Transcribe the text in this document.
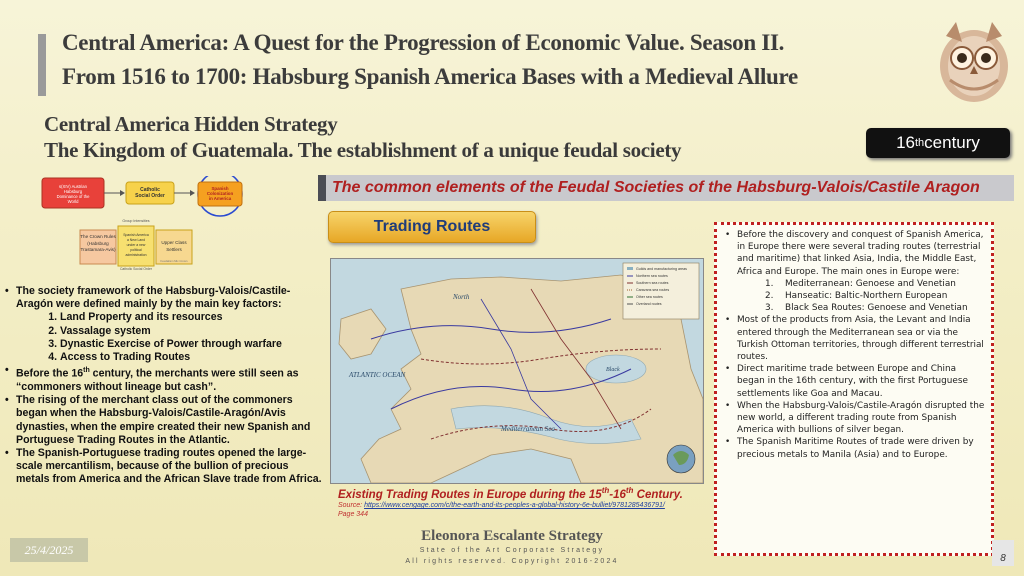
Central America: A Quest for the Progression of Economic Value. Season II.
From 1516 to 1700: Habsburg Spanish America Bases with a Medieval Allure
Central America Hidden Strategy
The Kingdom of Guatemala. The establishment of a unique feudal society	16 th century
The common elements of the Feudal Societies of the Habsburg-Valois/Castile Aragon
Trading Routes
s(XIV) Austrian Habsburg Dominance of the World
Catholic Social Order
Spanish Colonization in America
Group Intensities
The Crown Rules (Habsburg Trastamara-Avis)
Spanish America a New Land under a new political administration
Upper Class Settlers
Feudalism Mix Crown
Catholic Social Order
• The society framework of the Habsburg-Valois/Castile-Aragón were defined mainly by the main key factors:
1. Land Property and its resources
2. Vassalage system
3. Dynastic Exercise of Power through warfare
4. Access to Trading Routes
• Before the 16th century, the merchants were still seen as “commoners without lineage but cash”.
• The rising of the merchant class out of the commoners began when the Habsburg-Valois/Castile-Aragón/Avis dynasties, when the empire created their new Spanish and Portuguese Trading Routes in the Atlantic.
• The Spanish-Portuguese trading routes opened the large-scale mercantilism, because of the bullion of precious metals from America and the African Slave trade from Africa.
ATLANTIC OCEAN
Mediterranean Sea
North
Black
Guilds and manufacturing areas
Northern sea routes
Southern sea routes
Caravans sea routes
Other sea routes
Overland routes
Existing Trading Routes in Europe during the 15th-16th Century.
Source: https://www.cengage.com/c/the-earth-and-its-peoples-a-global-history-6e-bulliet/9781285436791/
Page 344
• Before the discovery and conquest of Spanish America, in Europe there were several trading routes (terrestrial and maritime) that linked Asia, India, the Middle East, Africa and Europe. The main ones in Europe were:
1. Mediterranean: Genoese and Venetian
2. Hanseatic: Baltic-Northern European
3. Black Sea Routes: Genoese and Venetian
• Most of the products from Asia, the Levant and India entered through the Mediterranean sea or via the Turkish Ottoman territories, through different terrestrial routes.
• Direct maritime trade between Europe and China began in the 16th century, with the first Portuguese settlements like Goa and Macau.
• When the Habsburg-Valois/Castile-Aragón disrupted the new world, a different trading route from Spanish America with bullions of silver began.
• The Spanish Maritime Routes of trade were driven by precious metals to Manila (Asia) and to Europe.
Eleonora Escalante Strategy
State of the Art Corporate Strategy
All rights reserved. Copyright 2016-2024
25/4/2025
8
